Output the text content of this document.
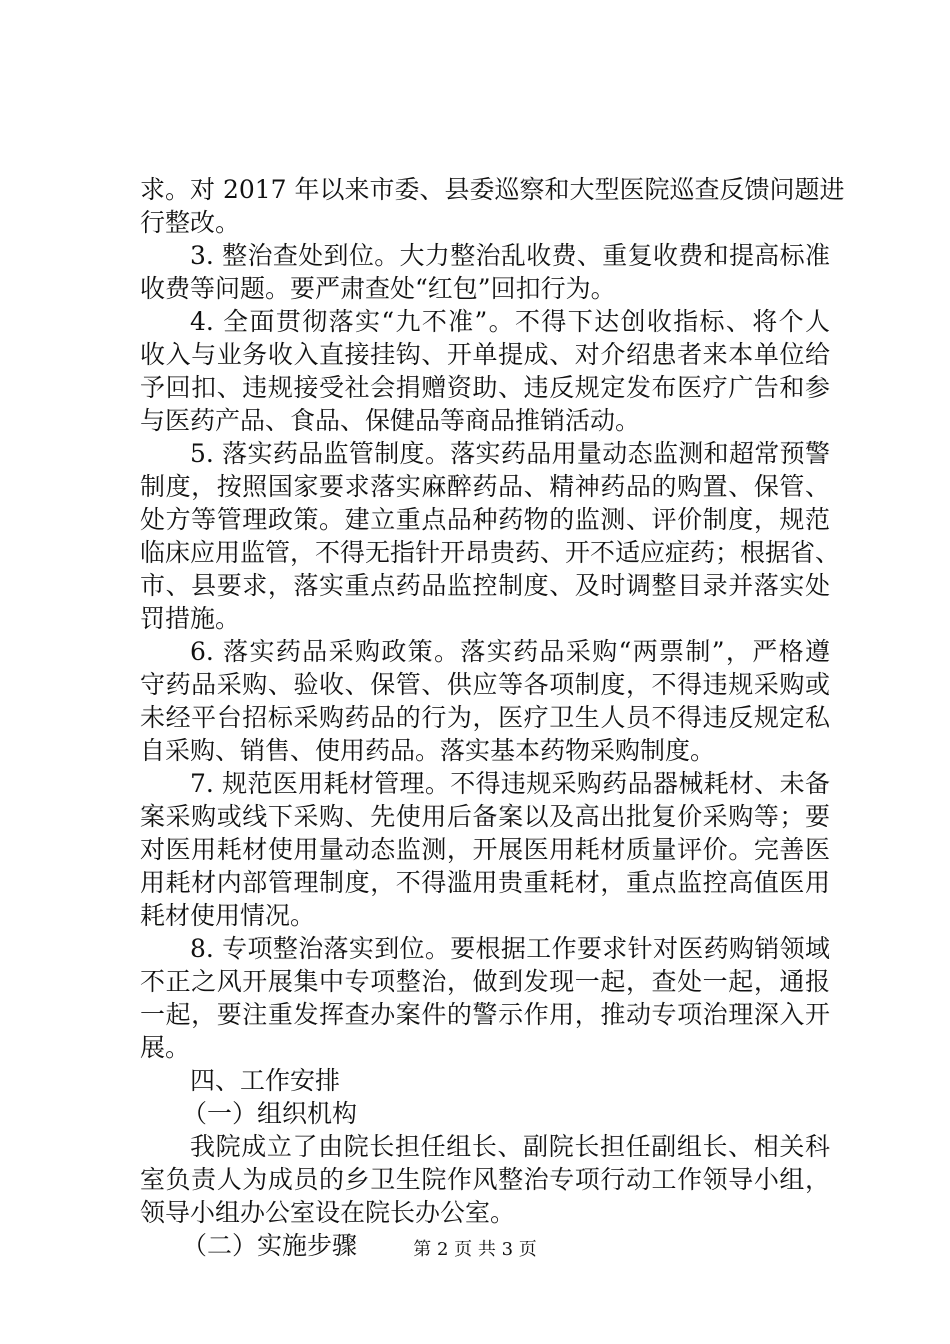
求。对 2017 年以来市委、县委巡察和大型医院巡查反馈问题进
行整改。
3. 整治查处到位。大力整治乱收费、重复收费和提高标准
收费等问题。要严肃查处“红包”回扣行为。
4. 全面贯彻落实“九不准”。不得下达创收指标、将个人
收入与业务收入直接挂钩、开单提成、对介绍患者来本单位给
予回扣、违规接受社会捐赠资助、违反规定发布医疗广告和参
与医药产品、食品、保健品等商品推销活动。
5. 落实药品监管制度。落实药品用量动态监测和超常预警
制度，按照国家要求落实麻醉药品、精神药品的购置、保管、
处方等管理政策。建立重点品种药物的监测、评价制度，规范
临床应用监管，不得无指针开昂贵药、开不适应症药；根据省、
市、县要求，落实重点药品监控制度、及时调整目录并落实处
罚措施。
6. 落实药品采购政策。落实药品采购“两票制”，严格遵
守药品采购、验收、保管、供应等各项制度，不得违规采购或
未经平台招标采购药品的行为，医疗卫生人员不得违反规定私
自采购、销售、使用药品。落实基本药物采购制度。
7. 规范医用耗材管理。不得违规采购药品器械耗材、未备
案采购或线下采购、先使用后备案以及高出批复价采购等；要
对医用耗材使用量动态监测，开展医用耗材质量评价。完善医
用耗材内部管理制度，不得滥用贵重耗材，重点监控高值医用
耗材使用情况。
8. 专项整治落实到位。要根据工作要求针对医药购销领域
不正之风开展集中专项整治，做到发现一起，查处一起，通报
一起，要注重发挥查办案件的警示作用，推动专项治理深入开
展。
四、工作安排
（一）组织机构
我院成立了由院长担任组长、副院长担任副组长、相关科
室负责人为成员的乡卫生院作风整治专项行动工作领导小组，
领导小组办公室设在院长办公室。
（二）实施步骤	第 2 页 共 3 页
